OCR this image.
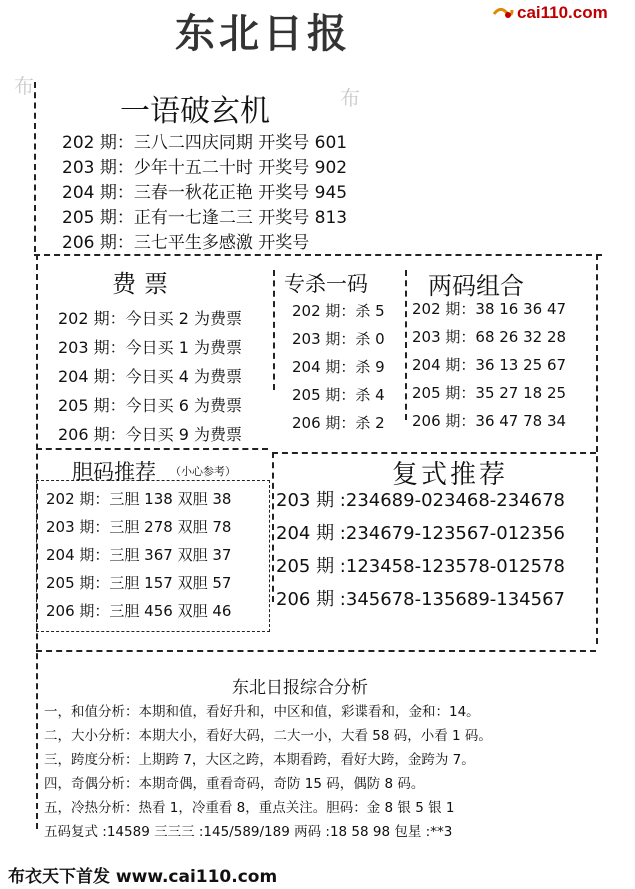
东北日报	cai110.com
布	布
一语破玄机
202 期：三八二四庆同期 开奖号 601
203 期：少年十五二十时 开奖号 902
204 期：三春一秋花正艳 开奖号 945
205 期：正有一七逢二三 开奖号 813
206 期：三七平生多感激 开奖号
费票
202 期：今日买 2 为费票
203 期：今日买 1 为费票
204 期：今日买 4 为费票
205 期：今日买 6 为费票
206 期：今日买 9 为费票
专杀一码
202 期：杀 5
203 期：杀 0
204 期：杀 9
205 期：杀 4
206 期：杀 2
两码组合
202 期：38 16 36 47
203 期：68 26 32 28
204 期：36 13 25 67
205 期：35 27 18 25
206 期：36 47 78 34
胆码推荐 （小心参考）
202 期：三胆 138 双胆 38
203 期：三胆 278 双胆 78
204 期：三胆 367 双胆 37
205 期：三胆 157 双胆 57
206 期：三胆 456 双胆 46
复式推荐
203 期 :234689-023468-234678
204 期 :234679-123567-012356
205 期 :123458-123578-012578
206 期 :345678-135689-134567
东北日报综合分析
一，和值分析：本期和值，看好升和，中区和值，彩谍看和，金和：14。
二，大小分析：本期大小，看好大码，二大一小，大看 58 码，小看 1 码。
三，跨度分析：上期跨 7，大区之跨，本期看跨，看好大跨，金跨为 7。
四，奇偶分析：本期奇偶，重看奇码，奇防 15 码，偶防 8 码。
五，冷热分析：热看 1，冷重看 8，重点关注。胆码：金 8 银 5 银 1
五码复式 :14589 三三三 :145/589/189 两码 :18 58 98 包星 :**3
布衣天下首发 www.cai110.com
